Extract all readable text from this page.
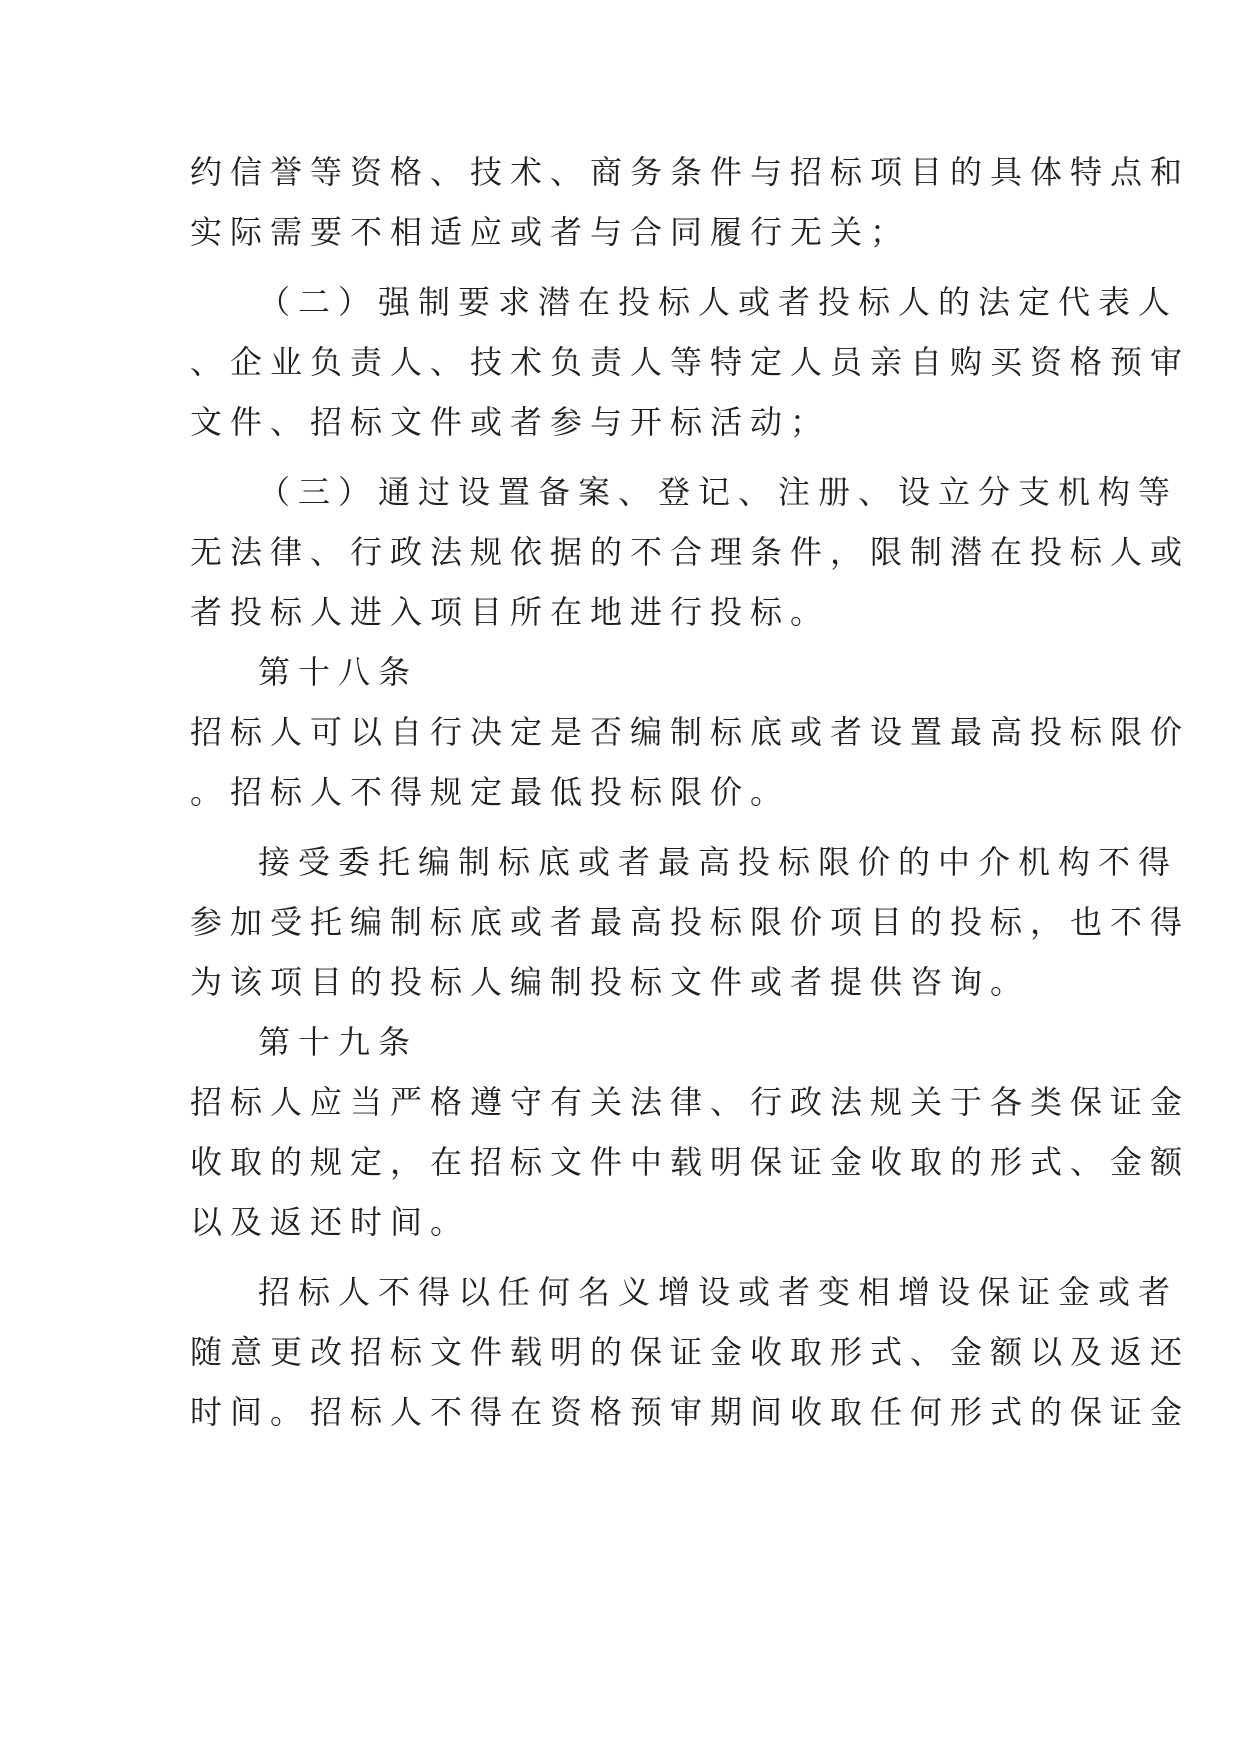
约信誉等资格、技术、商务条件与招标项目的具体特点和
实际需要不相适应或者与合同履行无关；
（二）强制要求潜在投标人或者投标人的法定代表人
、企业负责人、技术负责人等特定人员亲自购买资格预审
文件、招标文件或者参与开标活动；
（三）通过设置备案、登记、注册、设立分支机构等
无法律、行政法规依据的不合理条件，限制潜在投标人或
者投标人进入项目所在地进行投标。
第十八条
招标人可以自行决定是否编制标底或者设置最高投标限价
。招标人不得规定最低投标限价。
接受委托编制标底或者最高投标限价的中介机构不得
参加受托编制标底或者最高投标限价项目的投标，也不得
为该项目的投标人编制投标文件或者提供咨询。
第十九条
招标人应当严格遵守有关法律、行政法规关于各类保证金
收取的规定，在招标文件中载明保证金收取的形式、金额
以及返还时间。
招标人不得以任何名义增设或者变相增设保证金或者
随意更改招标文件载明的保证金收取形式、金额以及返还
时间。招标人不得在资格预审期间收取任何形式的保证金
